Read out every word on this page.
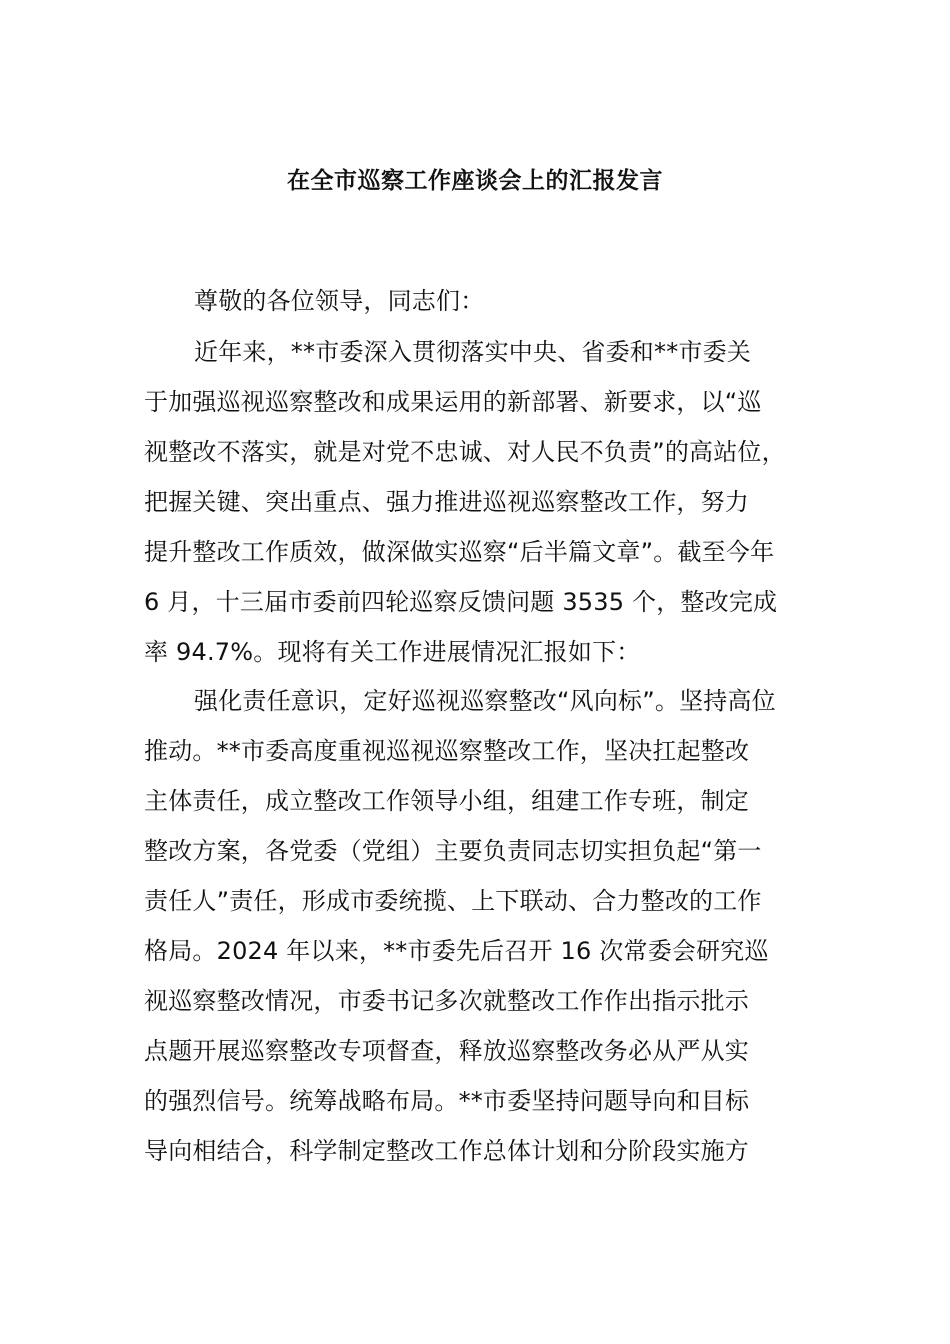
在全市巡察工作座谈会上的汇报发言
尊敬的各位领导，同志们：
近年来，**市委深入贯彻落实中央、省委和**市委关
于加强巡视巡察整改和成果运用的新部署、新要求，以“巡
视整改不落实，就是对党不忠诚、对人民不负责”的高站位，
把握关键、突出重点、强力推进巡视巡察整改工作，努力
提升整改工作质效，做深做实巡察“后半篇文章”。截至今年
6 月，十三届市委前四轮巡察反馈问题 3535 个，整改完成
率 94.7%。现将有关工作进展情况汇报如下：
强化责任意识，定好巡视巡察整改“风向标”。坚持高位
推动。**市委高度重视巡视巡察整改工作，坚决扛起整改
主体责任，成立整改工作领导小组，组建工作专班，制定
整改方案，各党委（党组）主要负责同志切实担负起“第一
责任人”责任，形成市委统揽、上下联动、合力整改的工作
格局。2024 年以来，**市委先后召开 16 次常委会研究巡
视巡察整改情况，市委书记多次就整改工作作出指示批示
点题开展巡察整改专项督查，释放巡察整改务必从严从实
的强烈信号。统筹战略布局。**市委坚持问题导向和目标
导向相结合，科学制定整改工作总体计划和分阶段实施方
